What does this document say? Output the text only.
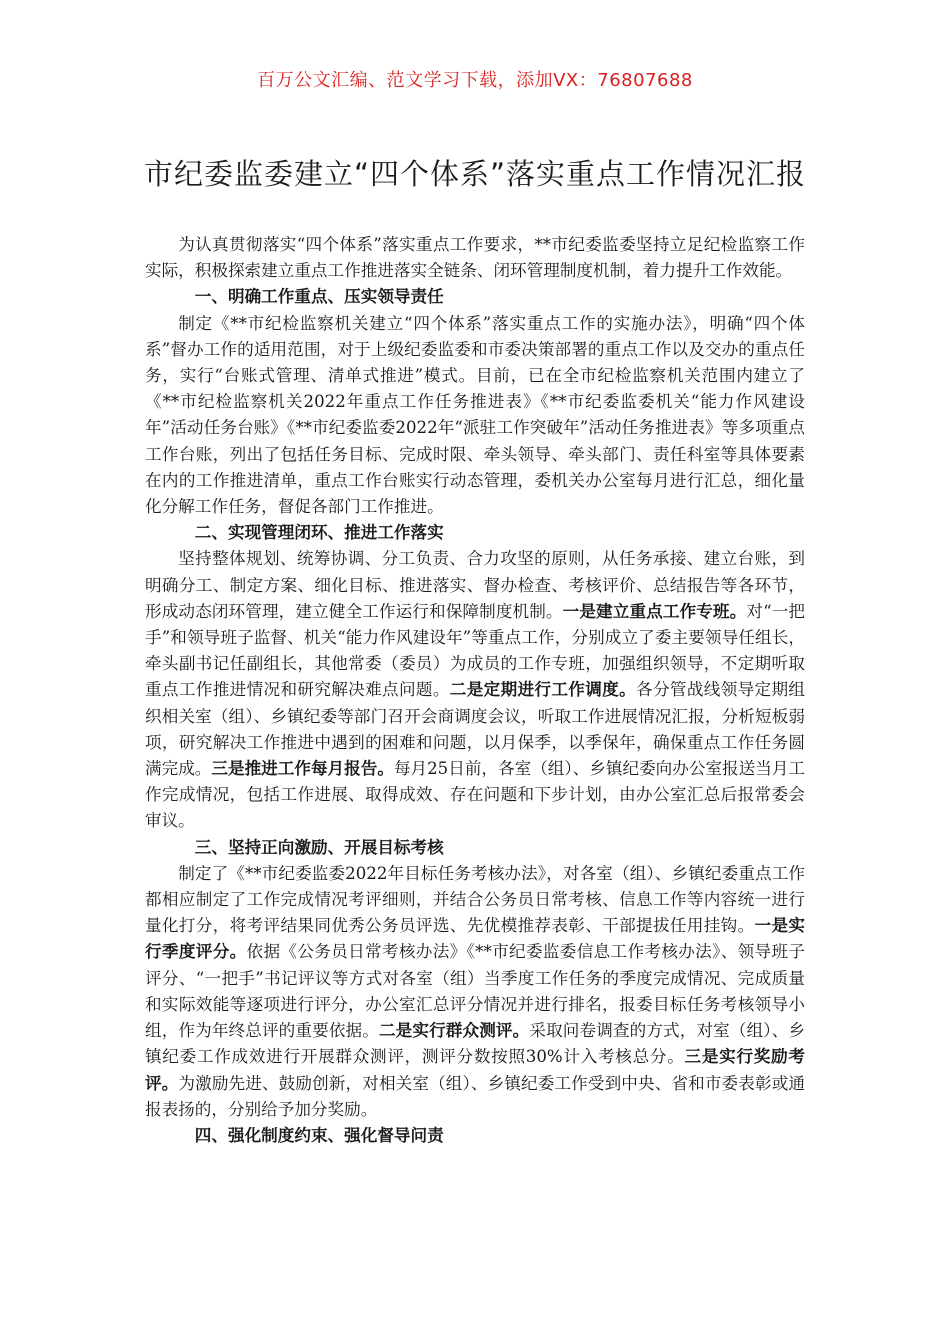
百万公文汇编、范文学习下载，添加VX：76807688
市纪委监委建立“四个体系”落实重点工作情况汇报

为认真贯彻落实“四个体系”落实重点工作要求，**市纪委监委坚持立足纪检监察工作实际，积极探索建立重点工作推进落实全链条、闭环管理制度机制，着力提升工作效能。

一、明确工作重点、压实领导责任

制定《**市纪检监察机关建立“四个体系”落实重点工作的实施办法》，明确“四个体系”督办工作的适用范围，对于上级纪委监委和市委决策部署的重点工作以及交办的重点任务，实行“台账式管理、清单式推进”模式。目前，已在全市纪检监察机关范围内建立了《**市纪检监察机关2022年重点工作任务推进表》《**市纪委监委机关“能力作风建设年”活动任务台账》《**市纪委监委2022年“派驻工作突破年”活动任务推进表》等多项重点工作台账，列出了包括任务目标、完成时限、牵头领导、牵头部门、责任科室等具体要素在内的工作推进清单，重点工作台账实行动态管理，委机关办公室每月进行汇总，细化量化分解工作任务，督促各部门工作推进。

二、实现管理闭环、推进工作落实

坚持整体规划、统筹协调、分工负责、合力攻坚的原则，从任务承接、建立台账，到明确分工、制定方案、细化目标、推进落实、督办检查、考核评价、总结报告等各环节，形成动态闭环管理，建立健全工作运行和保障制度机制。一是建立重点工作专班。对“一把手”和领导班子监督、机关“能力作风建设年”等重点工作，分别成立了委主要领导任组长，牵头副书记任副组长，其他常委（委员）为成员的工作专班，加强组织领导，不定期听取重点工作推进情况和研究解决难点问题。二是定期进行工作调度。各分管战线领导定期组织相关室（组）、乡镇纪委等部门召开会商调度会议，听取工作进展情况汇报，分析短板弱项，研究解决工作推进中遇到的困难和问题，以月保季，以季保年，确保重点工作任务圆满完成。三是推进工作每月报告。每月25日前，各室（组）、乡镇纪委向办公室报送当月工作完成情况，包括工作进展、取得成效、存在问题和下步计划，由办公室汇总后报常委会审议。

三、坚持正向激励、开展目标考核

制定了《**市纪委监委2022年目标任务考核办法》，对各室（组）、乡镇纪委重点工作都相应制定了工作完成情况考评细则，并结合公务员日常考核、信息工作等内容统一进行量化打分，将考评结果同优秀公务员评选、先优模推荐表彰、干部提拔任用挂钩。一是实行季度评分。依据《公务员日常考核办法》《**市纪委监委信息工作考核办法》、领导班子评分、“一把手”书记评议等方式对各室（组）当季度工作任务的季度完成情况、完成质量和实际效能等逐项进行评分，办公室汇总评分情况并进行排名，报委目标任务考核领导小组，作为年终总评的重要依据。二是实行群众测评。采取问卷调查的方式，对室（组）、乡镇纪委工作成效进行开展群众测评，测评分数按照30%计入考核总分。三是实行奖励考评。为激励先进、鼓励创新，对相关室（组）、乡镇纪委工作受到中央、省和市委表彰或通报表扬的，分别给予加分奖励。

四、强化制度约束、强化督导问责
